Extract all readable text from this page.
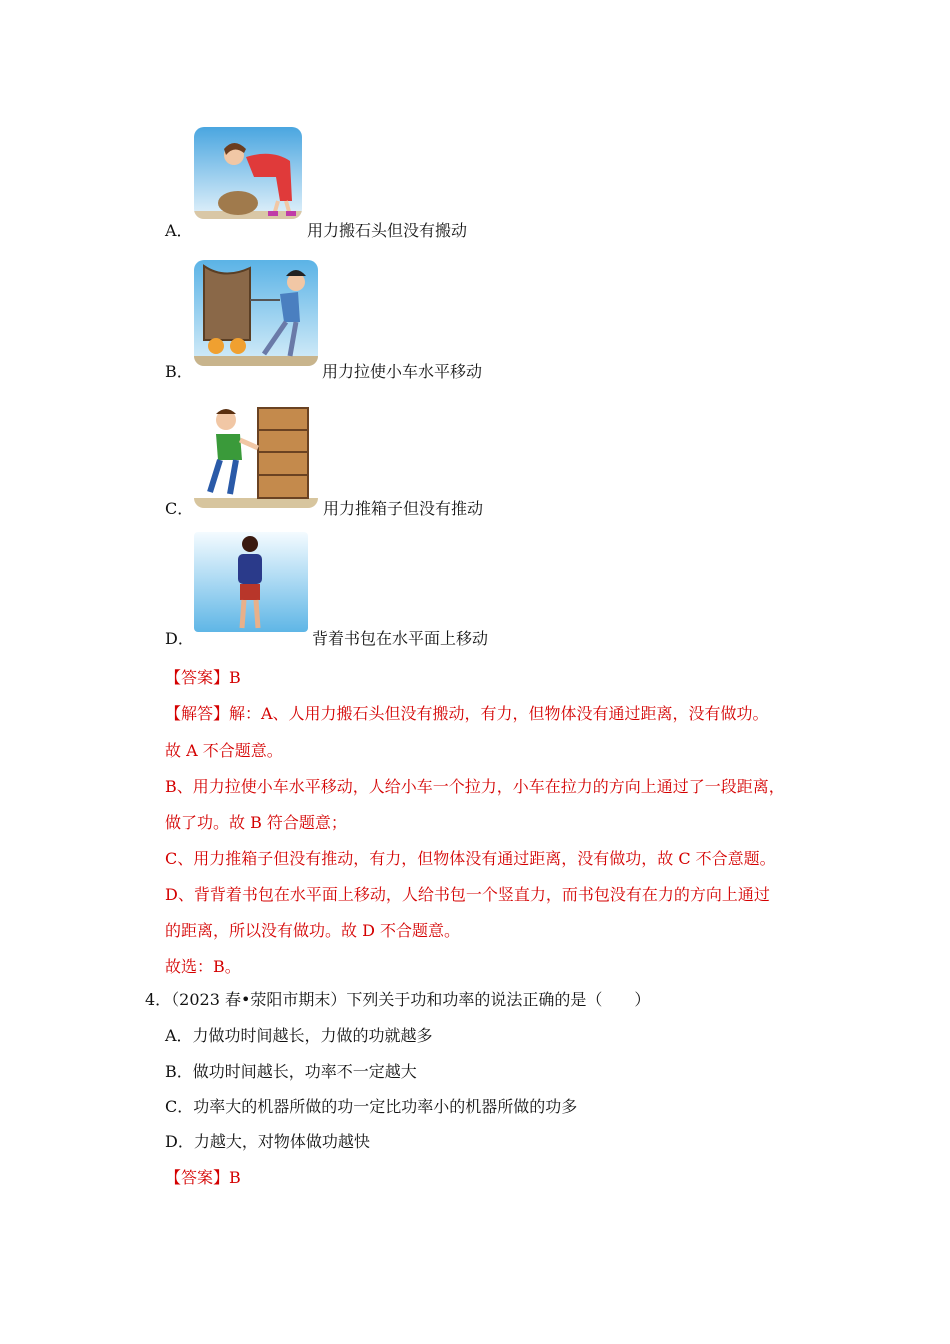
A．	用力搬石头但没有搬动
B．	用力拉使小车水平移动
C．	用力推箱子但没有推动
D．	背着书包在水平面上移动
【答案】B
【解答】解：A、人用力搬石头但没有搬动，有力，但物体没有通过距离，没有做功。
故 A 不合题意。
B、用力拉使小车水平移动，人给小车一个拉力，小车在拉力的方向上通过了一段距离，
做了功。故 B 符合题意；
C、用力推箱子但没有推动，有力，但物体没有通过距离，没有做功，故 C 不合意题。
D、背背着书包在水平面上移动，人给书包一个竖直力，而书包没有在力的方向上通过
的距离，所以没有做功。故 D 不合题意。
故选：B。
4．（2023 春•荥阳市期末）下列关于功和功率的说法正确的是（　　）
A．力做功时间越长，力做的功就越多
B．做功时间越长，功率不一定越大
C．功率大的机器所做的功一定比功率小的机器所做的功多
D．力越大，对物体做功越快
【答案】B
